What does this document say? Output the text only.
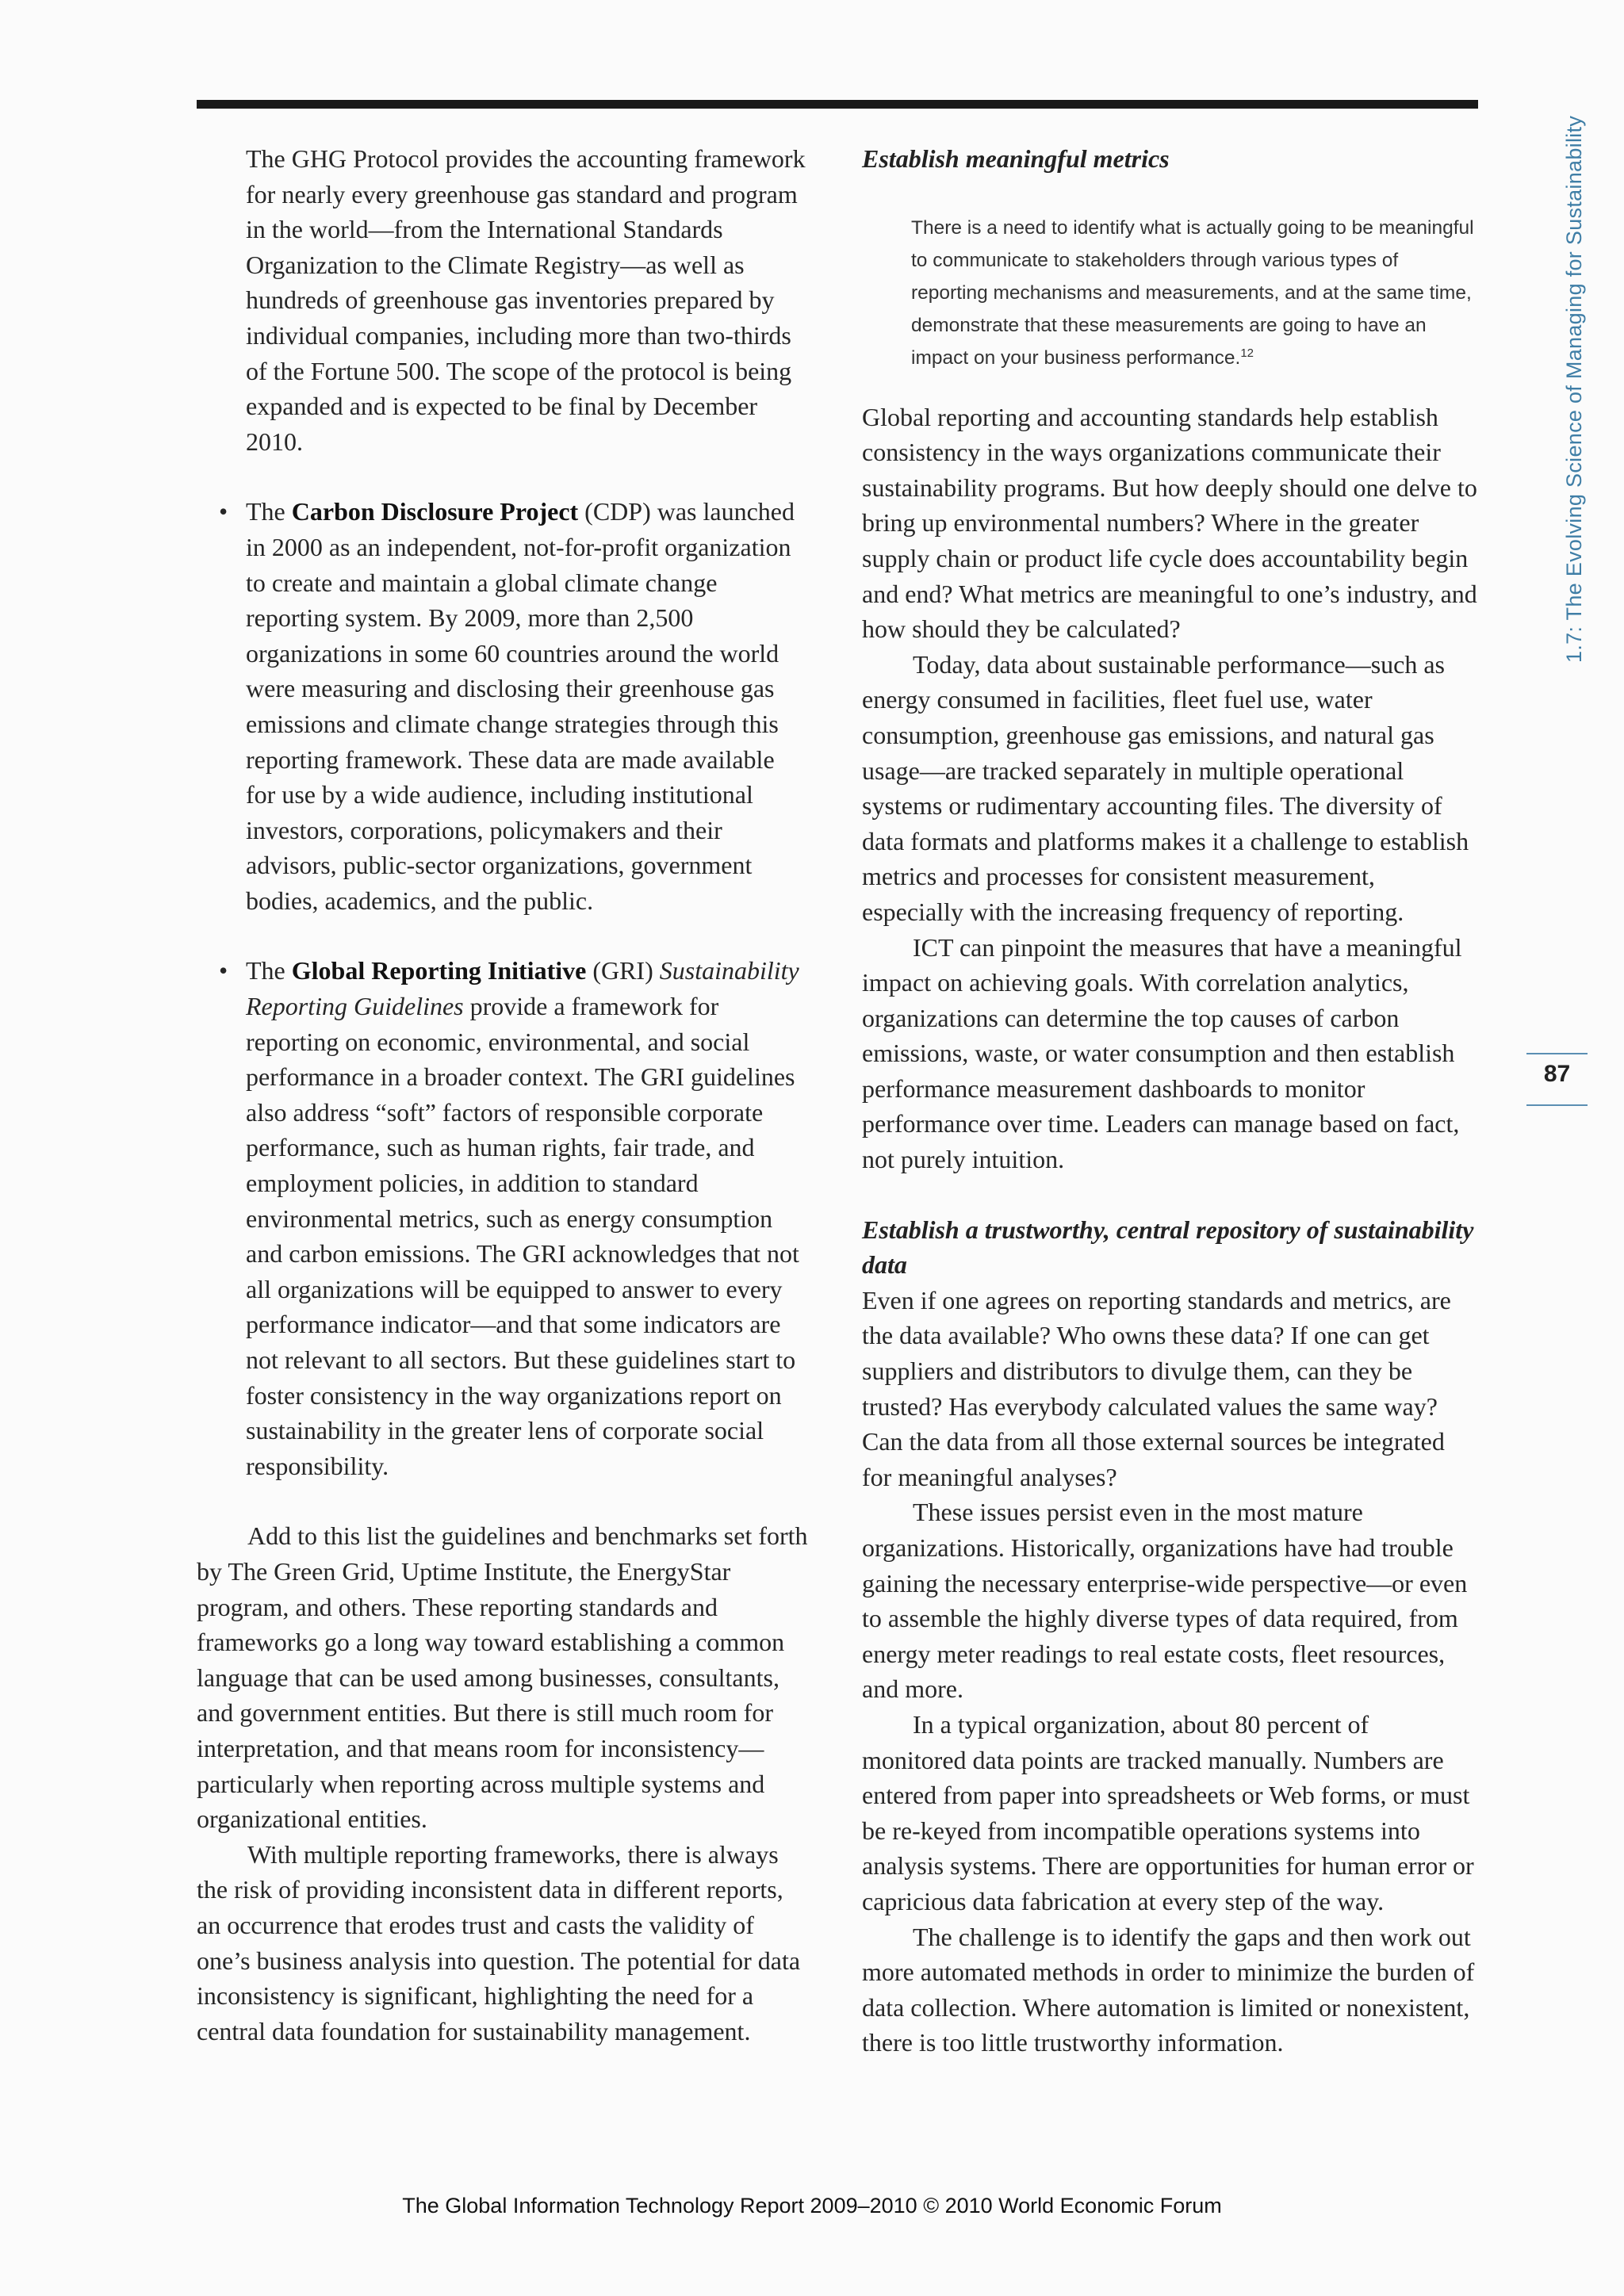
The GHG Protocol provides the accounting framework for nearly every greenhouse gas standard and program in the world—from the International Standards Organization to the Climate Registry—as well as hundreds of greenhouse gas inventories prepared by individual companies, including more than two-thirds of the Fortune 500. The scope of the protocol is being expanded and is expected to be final by December 2010.

• The Carbon Disclosure Project (CDP) was launched in 2000 as an independent, not-for-profit organization to create and maintain a global climate change reporting system. By 2009, more than 2,500 organizations in some 60 countries around the world were measuring and disclosing their greenhouse gas emissions and climate change strategies through this reporting framework. These data are made available for use by a wide audience, including institutional investors, corporations, policymakers and their advisors, public-sector organizations, government bodies, academics, and the public.
• The Global Reporting Initiative (GRI) Sustainability Reporting Guidelines provide a framework for reporting on economic, environmental, and social performance in a broader context. The GRI guidelines also address “soft” factors of responsible corporate performance, such as human rights, fair trade, and employment policies, in addition to standard environmental metrics, such as energy consumption and carbon emissions. The GRI acknowledges that not all organizations will be equipped to answer to every performance indicator—and that some indicators are not relevant to all sectors. But these guidelines start to foster consistency in the way organizations report on sustainability in the greater lens of corporate social responsibility.

Add to this list the guidelines and benchmarks set forth by The Green Grid, Uptime Institute, the EnergyStar program, and others. These reporting standards and frameworks go a long way toward establishing a common language that can be used among businesses, consultants, and government entities. But there is still much room for interpretation, and that means room for inconsistency—particularly when reporting across multiple systems and organizational entities.

With multiple reporting frameworks, there is always the risk of providing inconsistent data in different reports, an occurrence that erodes trust and casts the validity of one’s business analysis into question. The potential for data inconsistency is significant, highlighting the need for a central data foundation for sustainability management.

Establish meaningful metrics

There is a need to identify what is actually going to be meaningful to communicate to stakeholders through various types of reporting mechanisms and measurements, and at the same time, demonstrate that these measurements are going to have an impact on your business performance.$^{12}$

Global reporting and accounting standards help establish consistency in the ways organizations communicate their sustainability programs. But how deeply should one delve to bring up environmental numbers? Where in the greater supply chain or product life cycle does accountability begin and end? What metrics are meaningful to one’s industry, and how should they be calculated?

Today, data about sustainable performance—such as energy consumed in facilities, fleet fuel use, water consumption, greenhouse gas emissions, and natural gas usage—are tracked separately in multiple operational systems or rudimentary accounting files. The diversity of data formats and platforms makes it a challenge to establish metrics and processes for consistent measurement, especially with the increasing frequency of reporting.

ICT can pinpoint the measures that have a meaningful impact on achieving goals. With correlation analytics, organizations can determine the top causes of carbon emissions, waste, or water consumption and then establish performance measurement dashboards to monitor performance over time. Leaders can manage based on fact, not purely intuition.

Establish a trustworthy, central repository of sustainability data

Even if one agrees on reporting standards and metrics, are the data available? Who owns these data? If one can get suppliers and distributors to divulge them, can they be trusted? Has everybody calculated values the same way? Can the data from all those external sources be integrated for meaningful analyses?

These issues persist even in the most mature organizations. Historically, organizations have had trouble gaining the necessary enterprise-wide perspective—or even to assemble the highly diverse types of data required, from energy meter readings to real estate costs, fleet resources, and more.

In a typical organization, about 80 percent of monitored data points are tracked manually. Numbers are entered from paper into spreadsheets or Web forms, or must be re-keyed from incompatible operations systems into analysis systems. There are opportunities for human error or capricious data fabrication at every step of the way.

The challenge is to identify the gaps and then work out more automated methods in order to minimize the burden of data collection. Where automation is limited or nonexistent, there is too little trustworthy information.

1.7: The Evolving Science of Managing for Sustainability
87
The Global Information Technology Report 2009–2010 © 2010 World Economic Forum
